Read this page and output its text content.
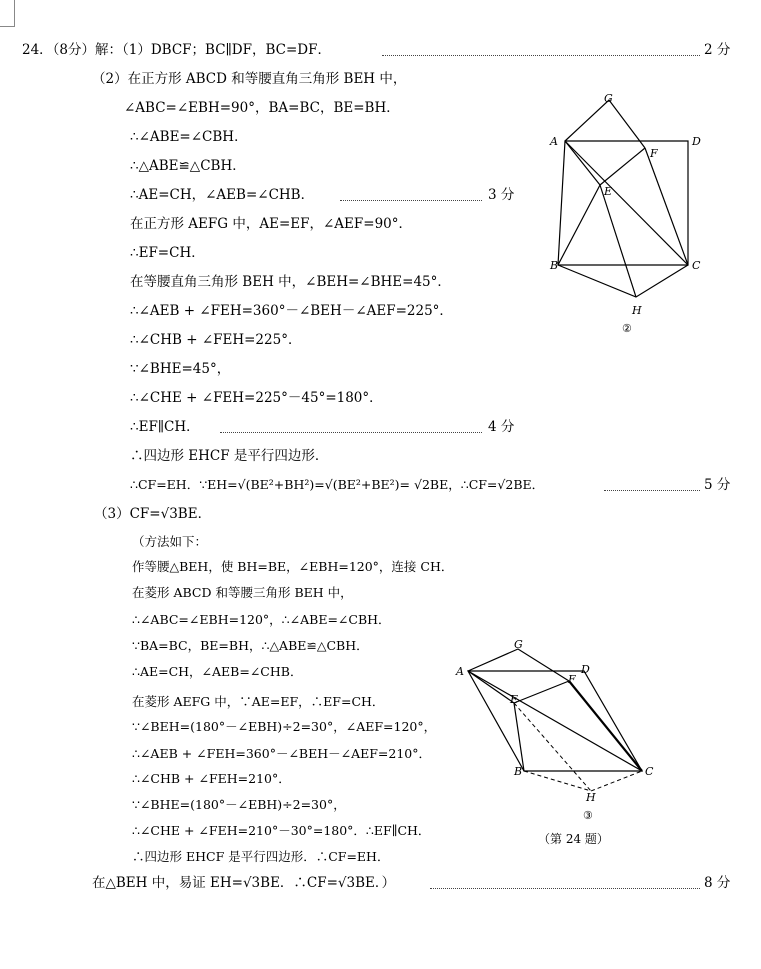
24．（8分）解：（1）DBCF；BC∥DF，BC=DF．	2 分
（2）在正方形 ABCD 和等腰直角三角形 BEH 中，
∠ABC=∠EBH=90°，BA=BC，BE=BH．
∴∠ABE=∠CBH．
∴△ABE≌△CBH．
∴AE=CH，∠AEB=∠CHB．	3 分
在正方形 AEFG 中，AE=EF，∠AEF=90°．
∴EF=CH．
在等腰直角三角形 BEH 中，∠BEH=∠BHE=45°．
∴∠AEB + ∠FEH=360°－∠BEH－∠AEF=225°．
∴∠CHB + ∠FEH=225°．
∵∠BHE=45°，
∴∠CHE + ∠FEH=225°－45°=180°．
∴EF∥CH．	4 分
∴四边形 EHCF 是平行四边形．
∴CF=EH．∵EH=√(BE²+BH²)=√(BE²+BE²)= √2BE，∴CF=√2BE．	5 分
（3）CF=√3BE．
（方法如下：
作等腰△BEH，使 BH=BE，∠EBH=120°，连接 CH．
在菱形 ABCD 和等腰三角形 BEH 中，
∴∠ABC=∠EBH=120°，∴∠ABE=∠CBH．
∵BA=BC，BE=BH，∴△ABE≌△CBH．
∴AE=CH，∠AEB=∠CHB．
在菱形 AEFG 中，∵AE=EF，∴EF=CH．
∵∠BEH=(180°－∠EBH)÷2=30°，∠AEF=120°，
∴∠AEB + ∠FEH=360°－∠BEH－∠AEF=210°．
∴∠CHB + ∠FEH=210°．
∵∠BHE=(180°－∠EBH)÷2=30°，
∴∠CHE + ∠FEH=210°－30°=180°．∴EF∥CH．
∴四边形 EHCF 是平行四边形．∴CF=EH．
在△BEH 中，易证 EH=√3BE．∴CF=√3BE．）	8 分
A
B	C
D
E
F
G
H
②
A
B	C
D
E
F
G
H
③
（第 24 题）
